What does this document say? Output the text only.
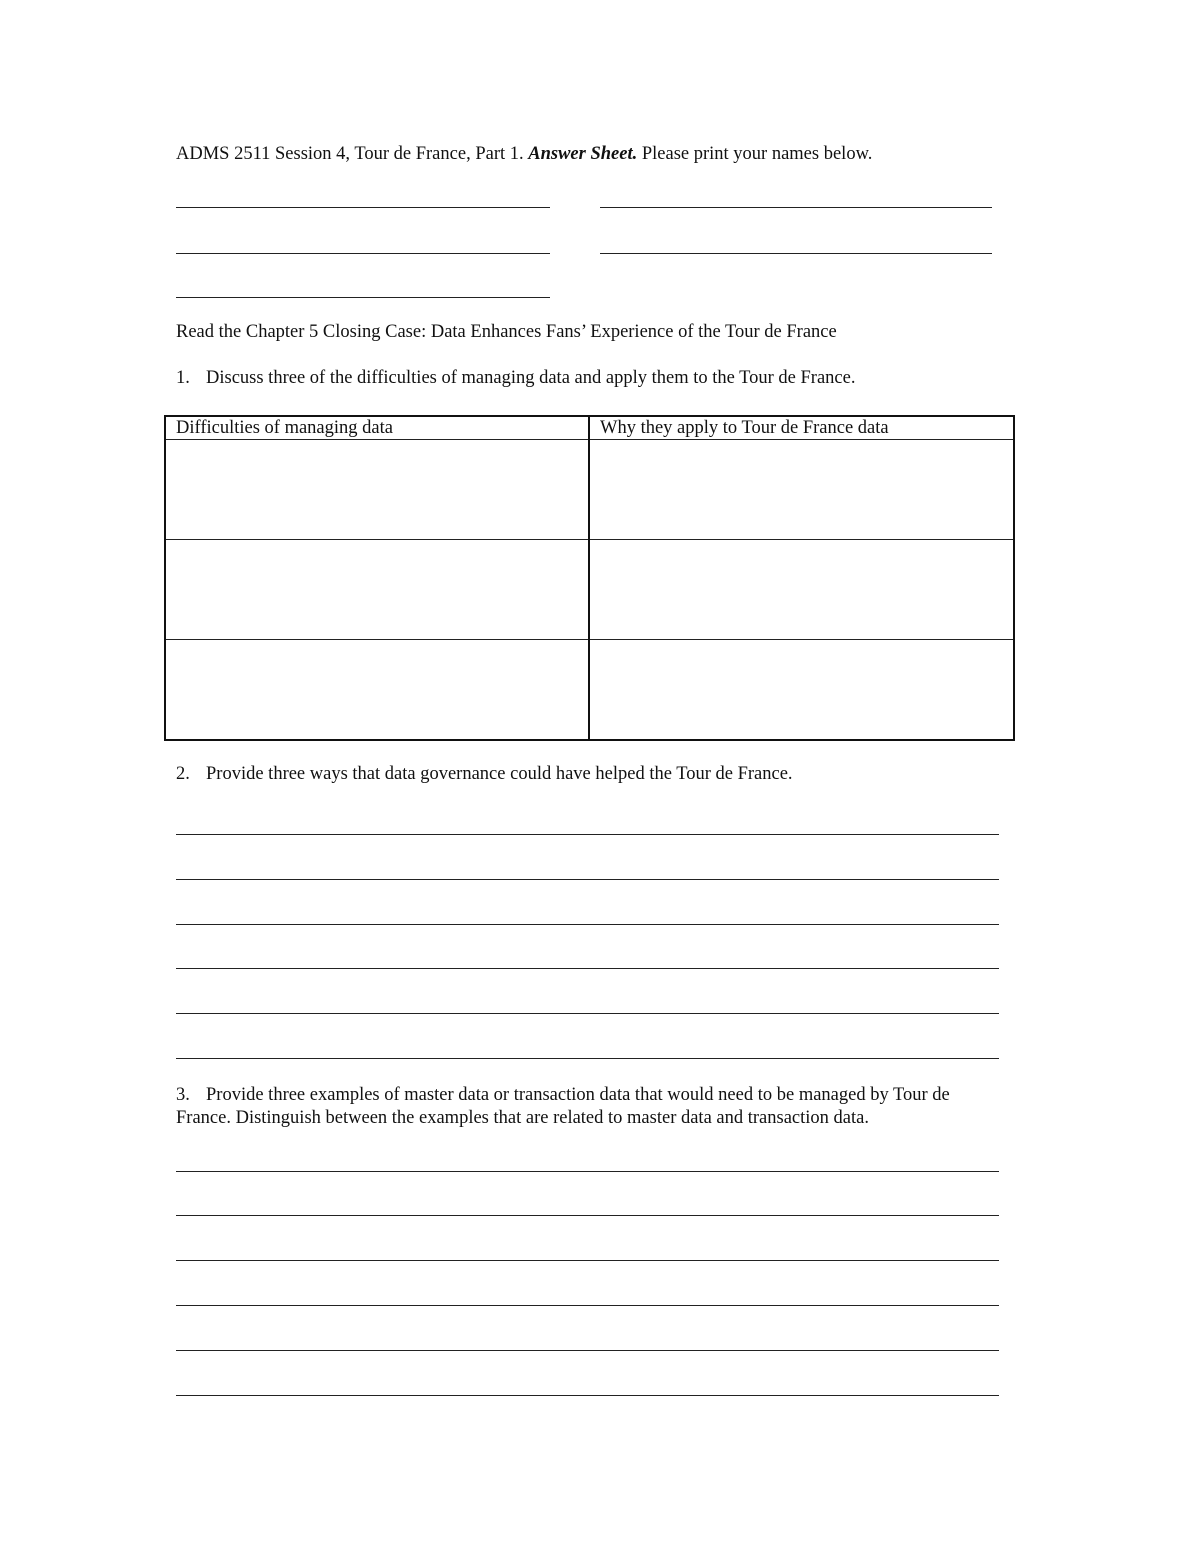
ADMS 2511 Session 4, Tour de France, Part 1. Answer Sheet. Please print your names below.
Read the Chapter 5 Closing Case: Data Enhances Fans’ Experience of the Tour de France
1. Discuss three of the difficulties of managing data and apply them to the Tour de France.
Difficulties of managing data	Why they apply to Tour de France data

2. Provide three ways that data governance could have helped the Tour de France.
3. Provide three examples of master data or transaction data that would need to be managed by Tour de
France. Distinguish between the examples that are related to master data and transaction data.
